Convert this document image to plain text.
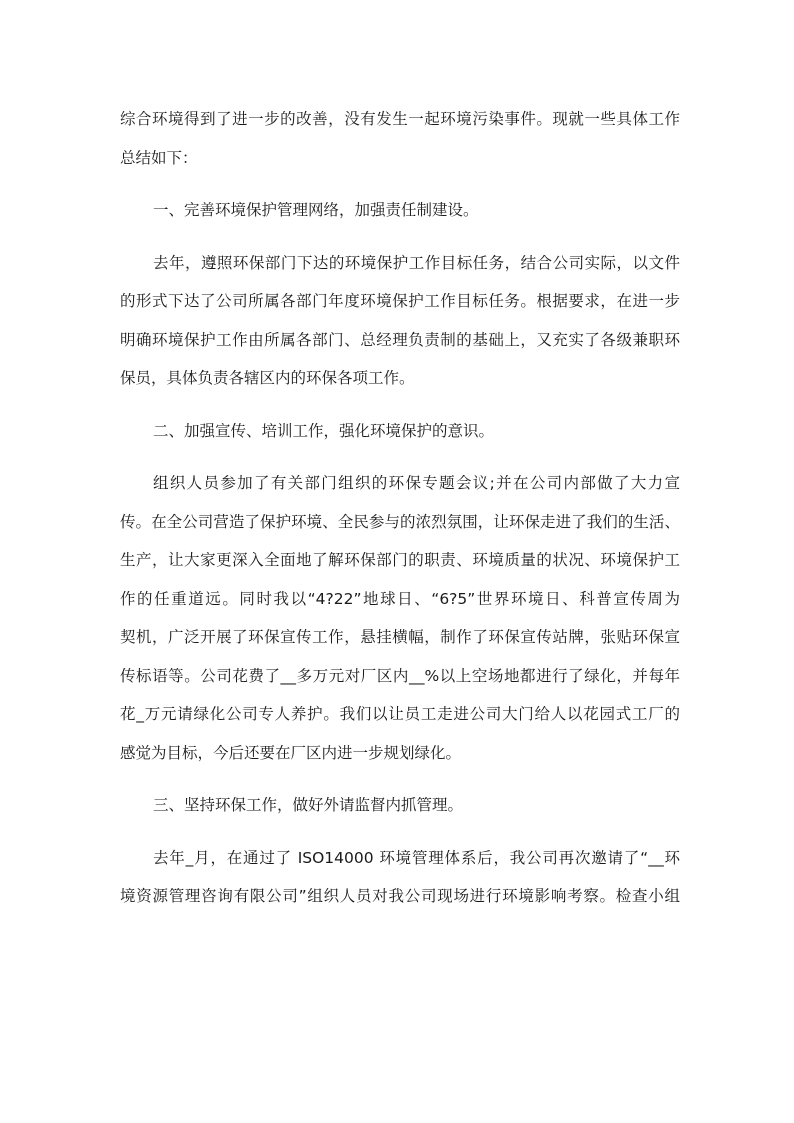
综合环境得到了进一步的改善，没有发生一起环境污染事件。现就一些具体工作
总结如下：
一、完善环境保护管理网络，加强责任制建设。
去年，遵照环保部门下达的环境保护工作目标任务，结合公司实际，以文件
的形式下达了公司所属各部门年度环境保护工作目标任务。根据要求，在进一步
明确环境保护工作由所属各部门、总经理负责制的基础上，又充实了各级兼职环
保员，具体负责各辖区内的环保各项工作。
二、加强宣传、培训工作，强化环境保护的意识。
组织人员参加了有关部门组织的环保专题会议;并在公司内部做了大力宣
传。在全公司营造了保护环境、全民参与的浓烈氛围，让环保走进了我们的生活、
生产，让大家更深入全面地了解环保部门的职责、环境质量的状况、环境保护工
作的任重道远。同时我以“4?22”地球日、“6?5”世界环境日、科普宣传周为
契机，广泛开展了环保宣传工作，悬挂横幅，制作了环保宣传站牌，张贴环保宣
传标语等。公司花费了__多万元对厂区内__%以上空场地都进行了绿化，并每年
花_万元请绿化公司专人养护。我们以让员工走进公司大门给人以花园式工厂的
感觉为目标，今后还要在厂区内进一步规划绿化。
三、坚持环保工作，做好外请监督内抓管理。
去年_月，在通过了 ISO14000 环境管理体系后，我公司再次邀请了“__环
境资源管理咨询有限公司”组织人员对我公司现场进行环境影响考察。检查小组
